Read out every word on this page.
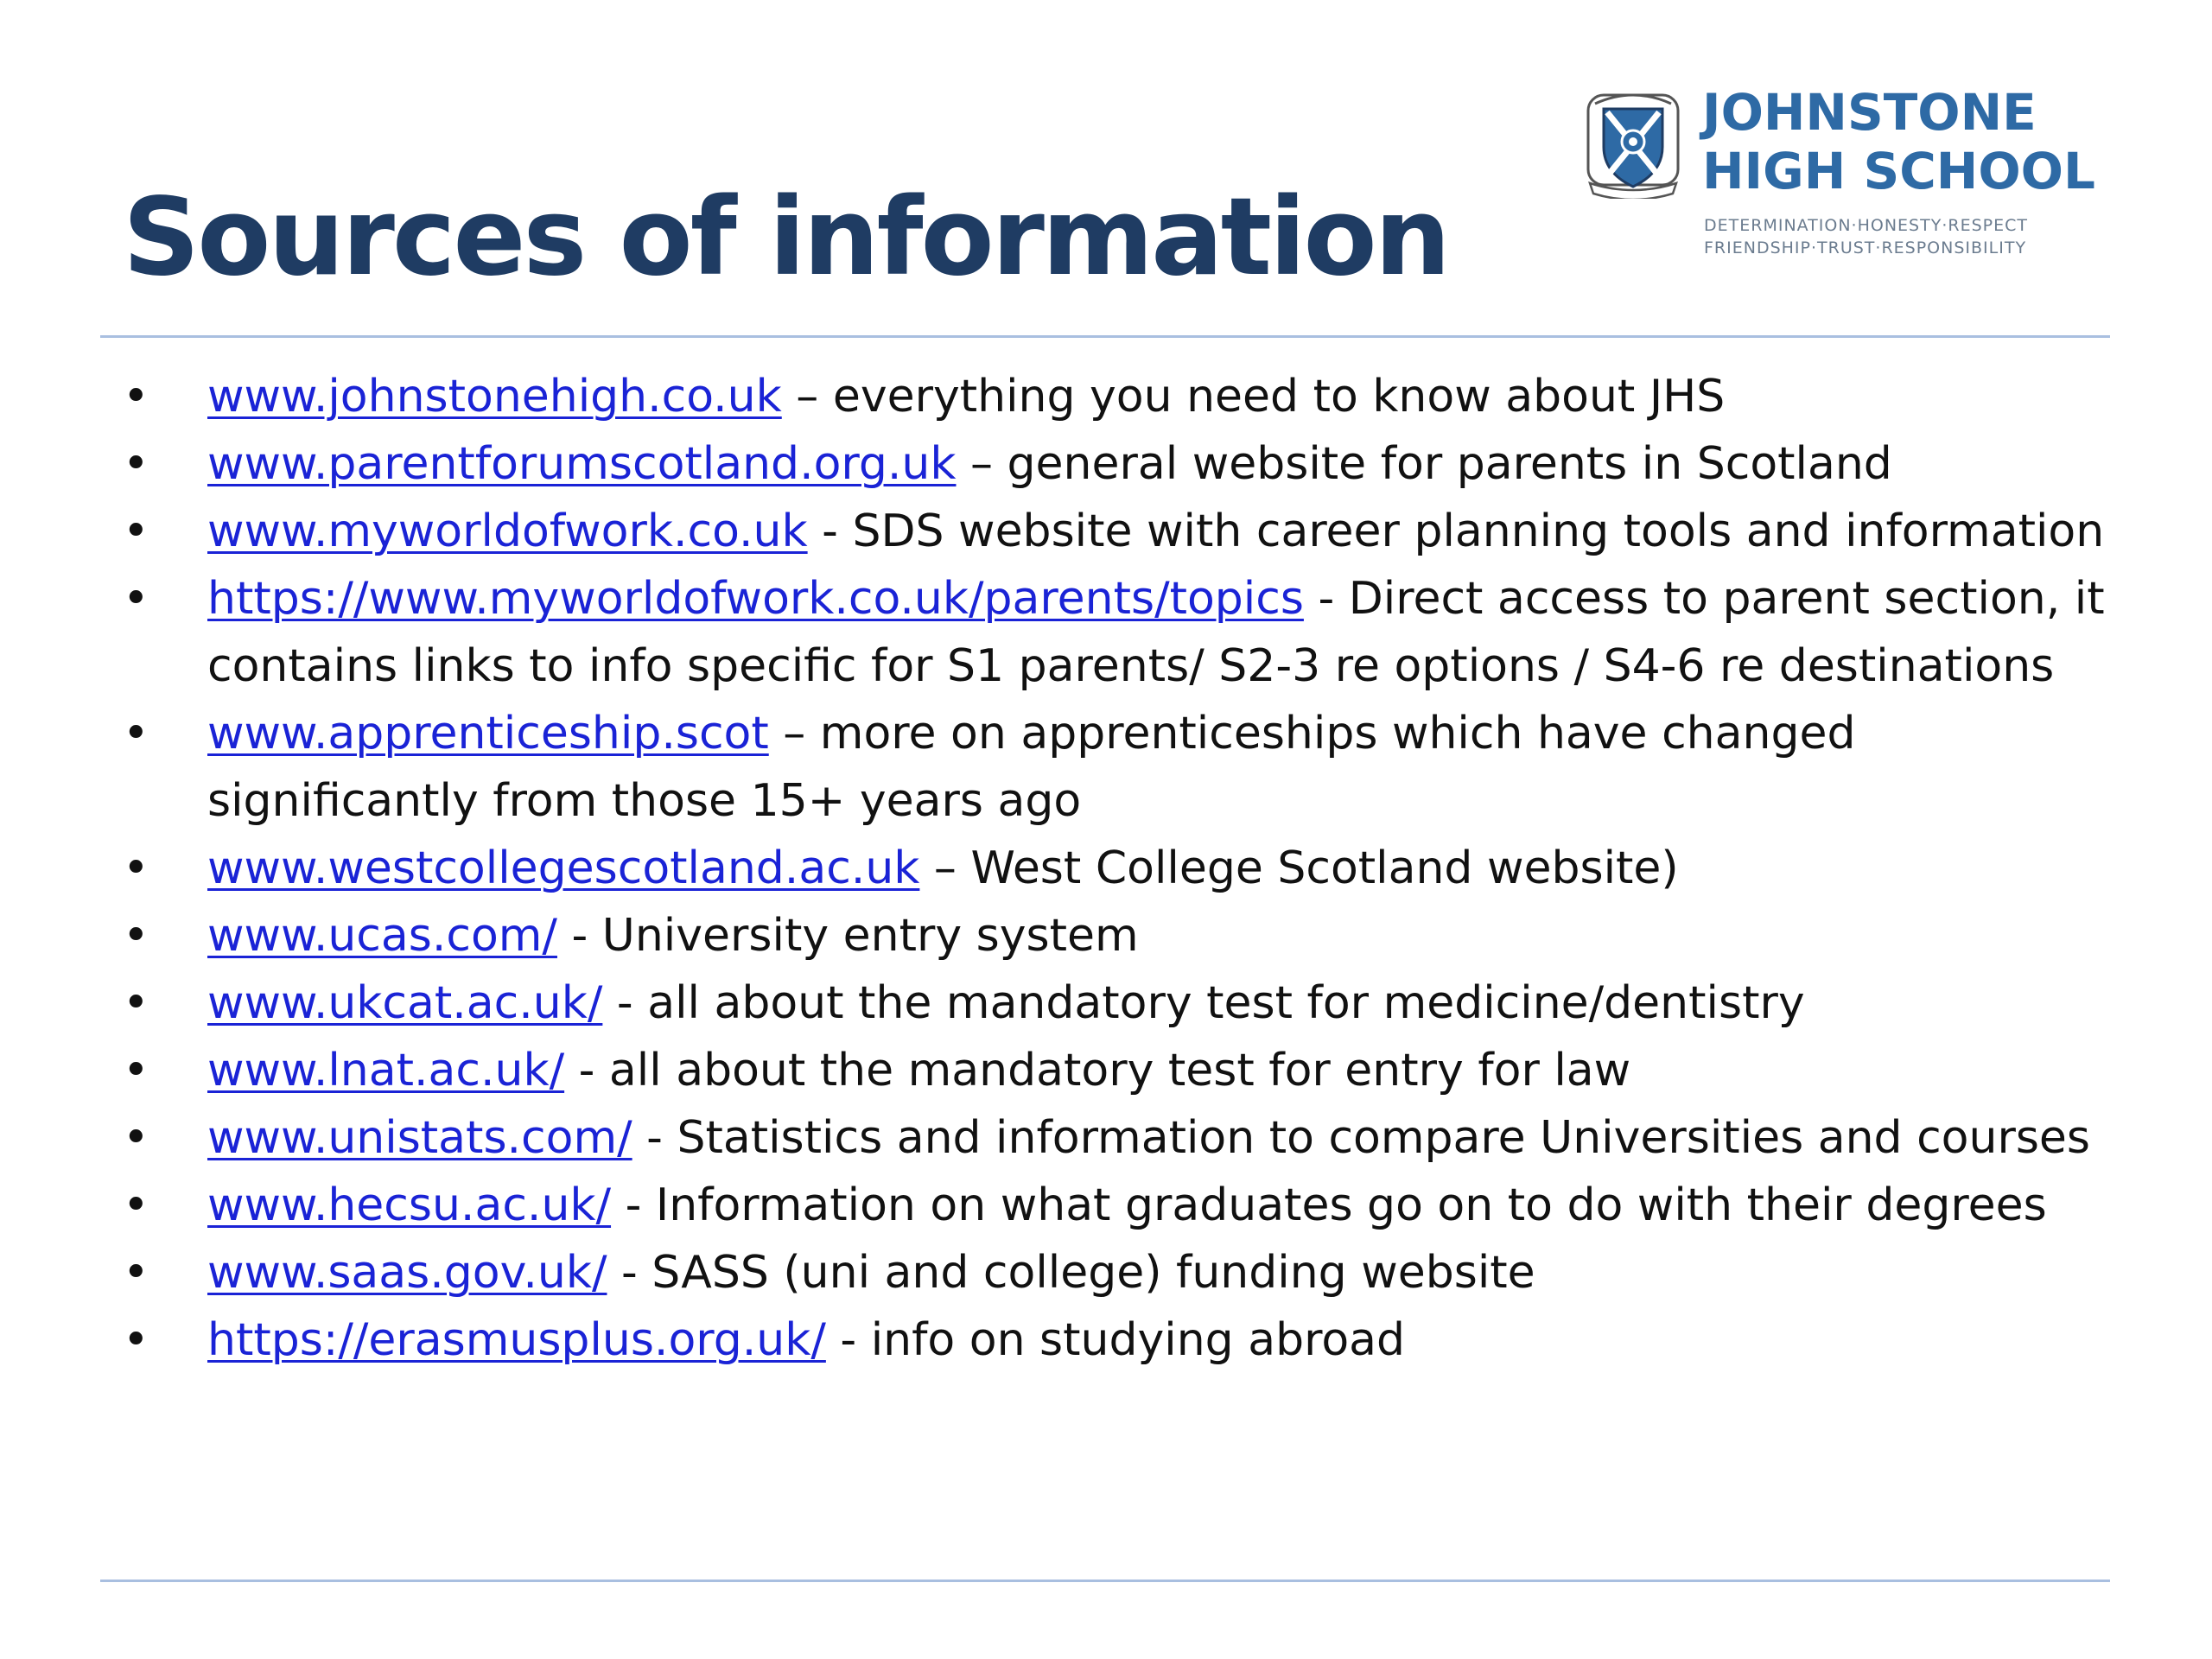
JOHNSTONE
HIGH SCHOOL
DETERMINATION·HONESTY·RESPECT
FRIENDSHIP·TRUST·RESPONSIBILITY
Sources of information
• www.johnstonehigh.co.uk – everything you need to know about JHS
• www.parentforumscotland.org.uk – general website for parents in Scotland
• www.myworldofwork.co.uk - SDS website with career planning tools and information
• https://www.myworldofwork.co.uk/parents/topics - Direct access to parent section, it contains links to info specific for S1 parents/ S2-3 re options / S4-6 re destinations
• www.apprenticeship.scot – more on apprenticeships which have changed significantly from those 15+ years ago
• www.westcollegescotland.ac.uk – West College Scotland website)
• www.ucas.com/ - University entry system
• www.ukcat.ac.uk/ - all about the mandatory test for medicine/dentistry
• www.lnat.ac.uk/ - all about the mandatory test for entry for law
• www.unistats.com/ - Statistics and information to compare Universities and courses
• www.hecsu.ac.uk/ - Information on what graduates go on to do with their degrees
• www.saas.gov.uk/ - SASS (uni and college) funding website
• https://erasmusplus.org.uk/ - info on studying abroad
